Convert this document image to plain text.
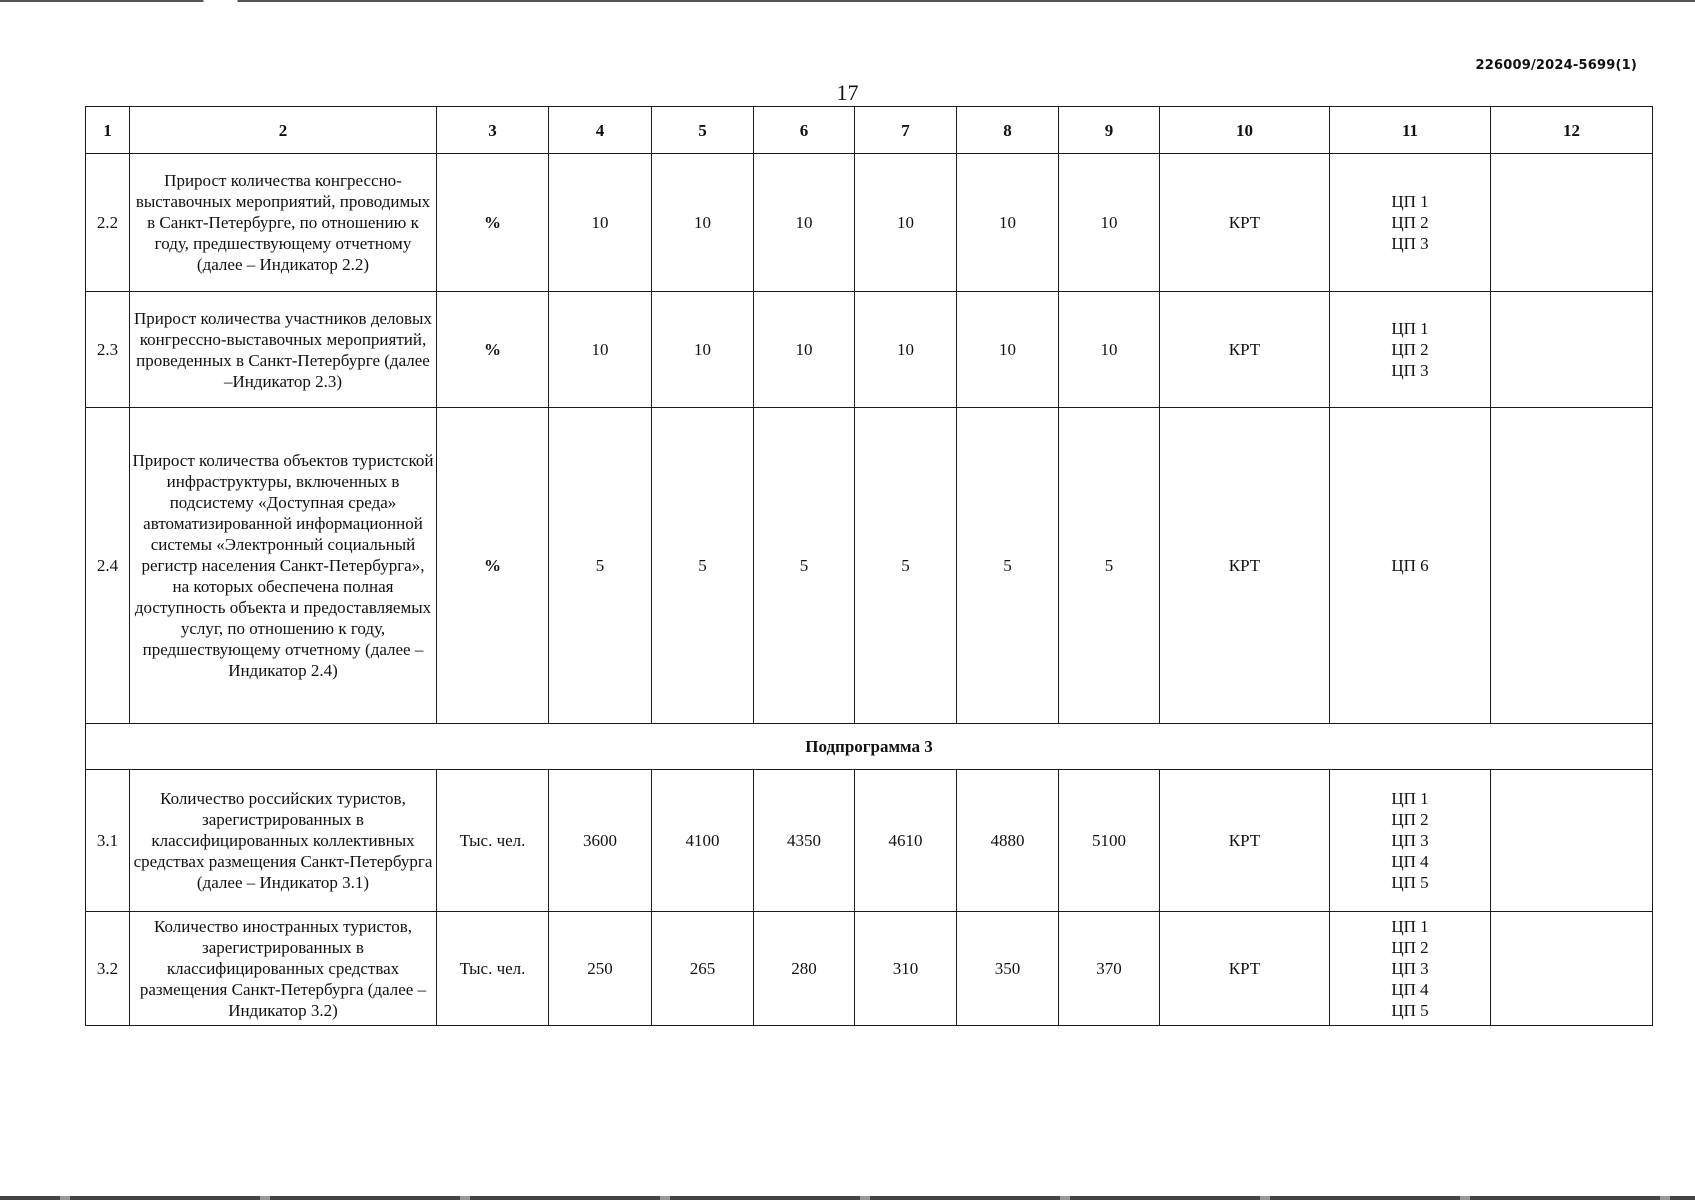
226009/2024-5699(1)
17
1	2	3	4	5	6	7	8	9	10	11	12
2.2	Прирост количества конгрессно-выставочных мероприятий, проводимых в Санкт-Петербурге, по отношению к году, предшествующему отчетному (далее – Индикатор 2.2)	%	10	10	10	10	10	10	КРТ	ЦП 1
ЦП 2
ЦП 3	

2.3	Прирост количества участников деловых конгрессно-выставочных мероприятий, проведенных в Санкт-Петербурге (далее –Индикатор 2.3)	%	10	10	10	10	10	10	КРТ	ЦП 1
ЦП 2
ЦП 3	

2.4	Прирост количества объектов туристской инфраструктуры, включенных в подсистему «Доступная среда» автоматизированной информационной системы «Электронный социальный регистр населения Санкт-Петербурга», на которых обеспечена полная доступность объекта и предоставляемых услуг, по отношению к году, предшествующему отчетному (далее – Индикатор 2.4)	%	5	5	5	5	5	5	КРТ	ЦП 6	

Подпрограмма 3											
3.1	Количество российских туристов, зарегистрированных в классифицированных коллективных средствах размещения Санкт-Петербурга (далее – Индикатор 3.1)	Тыс. чел.	3600	4100	4350	4610	4880	5100	КРТ	ЦП 1
ЦП 2
ЦП 3
ЦП 4
ЦП 5	

3.2	Количество иностранных туристов, зарегистрированных в классифицированных средствах размещения Санкт-Петербурга (далее – Индикатор 3.2)	Тыс. чел.	250	265	280	310	350	370	КРТ	ЦП 1
ЦП 2
ЦП 3
ЦП 4
ЦП 5	
